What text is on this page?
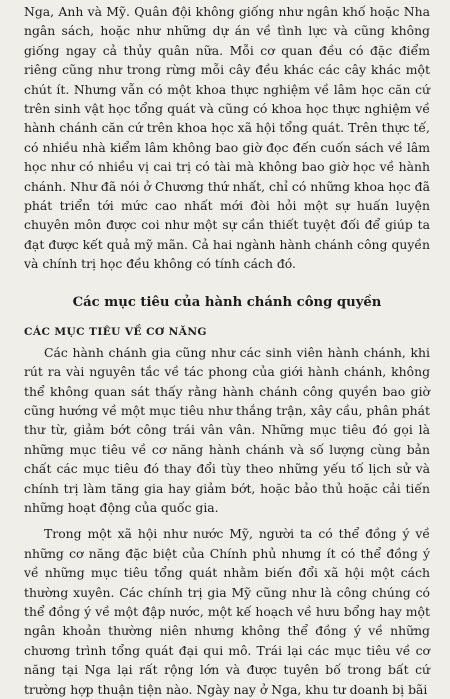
Nga, Anh và Mỹ. Quân đội không giống như ngân khố hoặc Nha ngân sách, hoặc như những dự án về tình lực và cũng không giống ngay cả thủy quân nữa. Mỗi cơ quan đều có đặc điểm riêng cũng như trong rừng mỗi cây đều khác các cây khác một chút ít. Nhưng vẫn có một khoa thực nghiệm về lâm học căn cứ trên sinh vật học tổng quát và cũng có khoa học thực nghiệm về hành chánh căn cứ trên khoa học xã hội tổng quát. Trên thực tế, có nhiều nhà kiểm lâm không bao giờ đọc đến cuốn sách về lâm học như có nhiều vị cai trị có tài mà không bao giờ học về hành chánh. Như đã nói ở Chương thứ nhất, chỉ có những khoa học đã phát triển tới mức cao nhất mới đòi hỏi một sự huấn luyện chuyên môn được coi như một sự cần thiết tuyệt đối để giúp ta đạt được kết quả mỹ mãn. Cả hai ngành hành chánh công quyền và chính trị học đều không có tính cách đó.

Các mục tiêu của hành chánh công quyền
CÁC MỤC TIÊU VỀ CƠ NĂNG

Các hành chánh gia cũng như các sinh viên hành chánh, khi rút ra vài nguyên tắc về tác phong của giới hành chánh, không thể không quan sát thấy rằng hành chánh công quyền bao giờ cũng hướng về một mục tiêu như thắng trận, xây cầu, phân phát thư từ, giảm bớt công trái vân vân. Những mục tiêu đó gọi là những mục tiêu về cơ năng hành chánh và số lượng cùng bản chất các mục tiêu đó thay đổi tùy theo những yếu tố lịch sử và chính trị làm tăng gia hay giảm bớt, hoặc bảo thủ hoặc cải tiến những hoạt động của quốc gia.

Trong một xã hội như nước Mỹ, người ta có thể đồng ý về những cơ năng đặc biệt của Chính phủ nhưng ít có thể đồng ý về những mục tiêu tổng quát nhằm biến đổi xã hội một cách thường xuyên. Các chính trị gia Mỹ cũng như là công chúng có thể đồng ý về một đập nước, một kế hoạch về hưu bổng hay một ngân khoản thường niên nhưng không thể đồng ý về những chương trình tổng quát đại qui mô. Trái lại các mục tiêu về cơ năng tại Nga lại rất rộng lớn và được tuyên bố trong bất cứ trường hợp thuận tiện nào. Ngày nay ở Nga, khu tư doanh bị bãi
